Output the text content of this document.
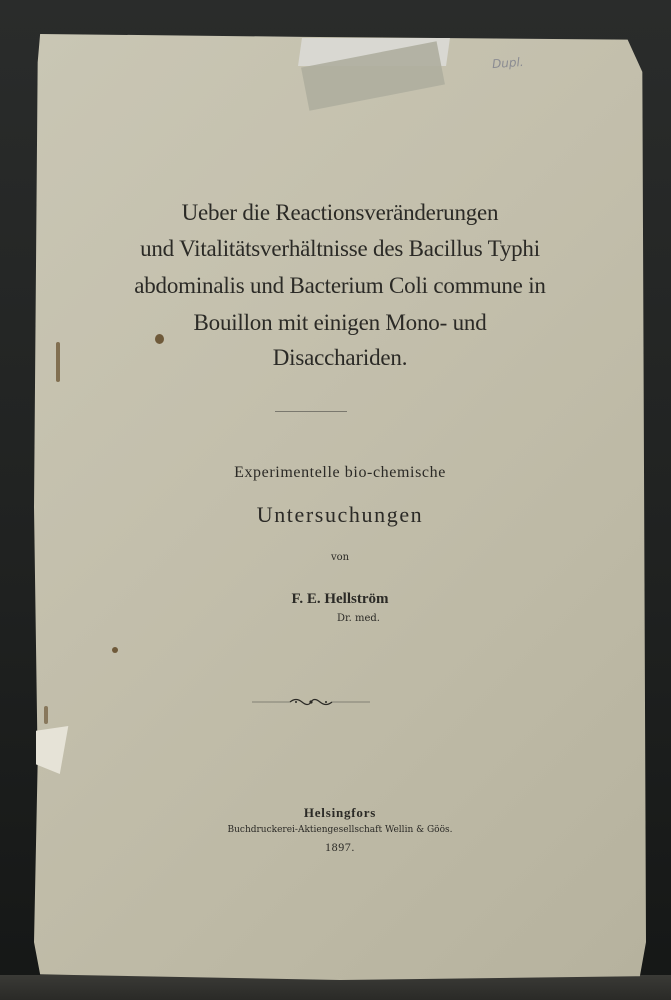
Dupl.
Ueber die Reactionsveränderungen
und Vitalitätsverhältnisse des Bacillus Typhi
abdominalis und Bacterium Coli commune in
Bouillon mit einigen Mono- und
Disacchariden.
Experimentelle bio-chemische
Untersuchungen
von
F. E. Hellström
Dr. med.
Helsingfors
Buchdruckerei-Aktiengesellschaft Wellin & Göös.
1897.
